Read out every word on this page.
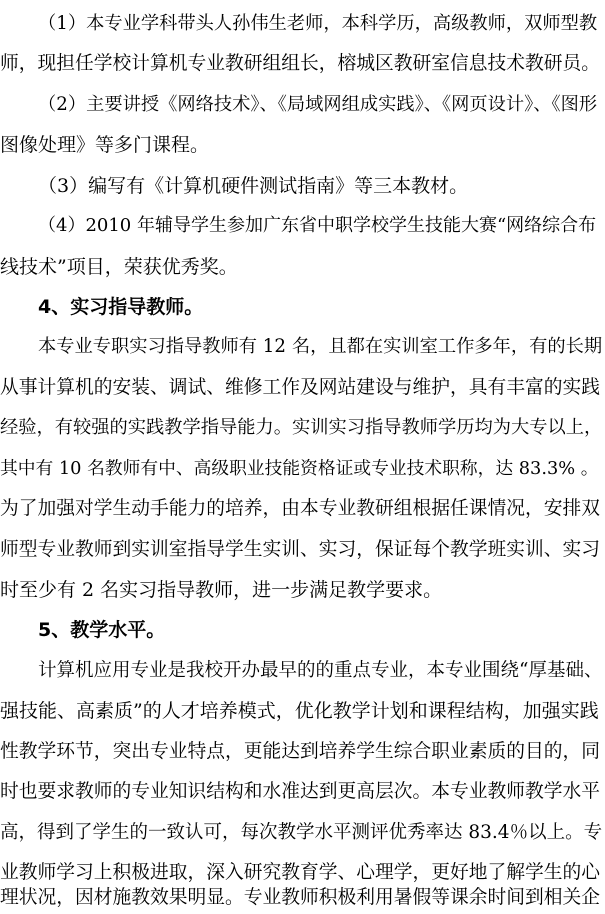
（1）本专业学科带头人孙伟生老师，本科学历，高级教师，双师型教
师，现担任学校计算机专业教研组组长，榕城区教研室信息技术教研员。
（2）主要讲授《网络技术》、《局域网组成实践》、《网页设计》、《图形
图像处理》等多门课程。
（3）编写有《计算机硬件测试指南》等三本教材。
（4）2010 年辅导学生参加广东省中职学校学生技能大赛“网络综合布
线技术”项目，荣获优秀奖。
4、实习指导教师。
本专业专职实习指导教师有 12 名，且都在实训室工作多年，有的长期
从事计算机的安装、调试、维修工作及网站建设与维护，具有丰富的实践
经验，有较强的实践教学指导能力。实训实习指导教师学历均为大专以上，
其中有 10 名教师有中、高级职业技能资格证或专业技术职称，达 83.3% 。
为了加强对学生动手能力的培养，由本专业教研组根据任课情况，安排双
师型专业教师到实训室指导学生实训、实习，保证每个教学班实训、实习
时至少有 2 名实习指导教师，进一步满足教学要求。
5、教学水平。
计算机应用专业是我校开办最早的的重点专业，本专业围绕“厚基础、
强技能、高素质”的人才培养模式，优化教学计划和课程结构，加强实践
性教学环节，突出专业特点，更能达到培养学生综合职业素质的目的，同
时也要求教师的专业知识结构和水准达到更高层次。本专业教师教学水平
高，得到了学生的一致认可，每次教学水平测评优秀率达 83.4％以上。专
业教师学习上积极进取，深入研究教育学、心理学，更好地了解学生的心
理状况，因材施教效果明显。专业教师积极利用暑假等课余时间到相关企
